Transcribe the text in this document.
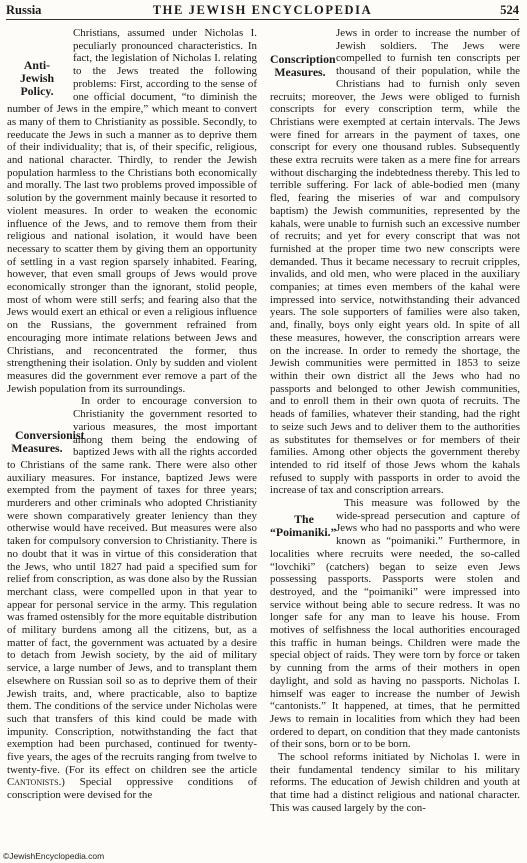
Russia	THE JEWISH ENCYCLOPEDIA	524

Anti-Jewish Policy.
Christians, assumed under Nicholas I. peculiarly pronounced characteristics. In fact, the legislation of Nicholas I. relating to the Jews treated the following problems: First, according to the sense of one official document, “to diminish the number of Jews in the empire,” which meant to convert as many of them to Christianity as possible. Secondly, to reeducate the Jews in such a manner as to deprive them of their individuality; that is, of their specific, religious, and national character. Thirdly, to render the Jewish population harmless to the Christians both economically and morally. The last two problems proved impossible of solution by the government mainly because it resorted to violent measures. In order to weaken the economic influence of the Jews, and to remove them from their religious and national isolation, it would have been necessary to scatter them by giving them an opportunity of settling in a vast region sparsely inhabited. Fearing, however, that even small groups of Jews would prove economically stronger than the ignorant, stolid people, most of whom were still serfs; and fearing also that the Jews would exert an ethical or even a religious influence on the Russians, the government refrained from encouraging more intimate relations between Jews and Christians, and reconcentrated the former, thus strengthening their isolation. Only by sudden and violent measures did the government ever remove a part of the Jewish population from its surroundings.

Conversionist Measures.
In order to encourage conversion to Christianity the government resorted to various measures, the most important among them being the endowing of baptized Jews with all the rights accorded to Christians of the same rank. There were also other auxiliary measures. For instance, baptized Jews were exempted from the payment of taxes for three years; murderers and other criminals who adopted Christianity were shown comparatively greater leniency than they otherwise would have received. But measures were also taken for compulsory conversion to Christianity. There is no doubt that it was in virtue of this consideration that the Jews, who until 1827 had paid a specified sum for relief from conscription, as was done also by the Russian merchant class, were compelled upon in that year to appear for personal service in the army. This regulation was framed ostensibly for the more equitable distribution of military burdens among all the citizens, but, as a matter of fact, the government was actuated by a desire to detach from Jewish society, by the aid of military service, a large number of Jews, and to transplant them elsewhere on Russian soil so as to deprive them of their Jewish traits, and, where practicable, also to baptize them. The conditions of the service under Nicholas were such that transfers of this kind could be made with impunity. Conscription, notwithstanding the fact that exemption had been purchased, continued for twenty-five years, the ages of the recruits ranging from twelve to twenty-five. (For its effect on children see the article Cantonists.) Special oppressive conditions of conscription were devised for the

Conscription Measures.
Jews in order to increase the number of Jewish soldiers. The Jews were compelled to furnish ten conscripts per thousand of their population, while the Christians had to furnish only seven recruits; moreover, the Jews were obliged to furnish conscripts for every conscription term, while the Christians were exempted at certain intervals. The Jews were fined for arrears in the payment of taxes, one conscript for every one thousand rubles. Subsequently these extra recruits were taken as a mere fine for arrears without discharging the indebtedness thereby. This led to terrible suffering. For lack of able-bodied men (many fled, fearing the miseries of war and compulsory baptism) the Jewish communities, represented by the kahals, were unable to furnish such an excessive number of recruits; and yet for every conscript that was not furnished at the proper time two new conscripts were demanded. Thus it became necessary to recruit cripples, invalids, and old men, who were placed in the auxiliary companies; at times even members of the kahal were impressed into service, notwithstanding their advanced years. The sole supporters of families were also taken, and, finally, boys only eight years old. In spite of all these measures, however, the conscription arrears were on the increase. In order to remedy the shortage, the Jewish communities were permitted in 1853 to seize within their own district all the Jews who had no passports and belonged to other Jewish communities, and to enroll them in their own quota of recruits. The heads of families, whatever their standing, had the right to seize such Jews and to deliver them to the authorities as substitutes for themselves or for members of their families. Among other objects the government thereby intended to rid itself of those Jews whom the kahals refused to supply with passports in order to avoid the increase of tax and conscription arrears.

The “Poimaniki.”
This measure was followed by the wide-spread persecution and capture of Jews who had no passports and who were known as “poimaniki.” Furthermore, in localities where recruits were needed, the so-called “lovchiki” (catchers) began to seize even Jews possessing passports. Passports were stolen and destroyed, and the “poimaniki” were impressed into service without being able to secure redress. It was no longer safe for any man to leave his house. From motives of selfishness the local authorities encouraged this traffic in human beings. Children were made the special object of raids. They were torn by force or taken by cunning from the arms of their mothers in open daylight, and sold as having no passports. Nicholas I. himself was eager to increase the number of Jewish “cantonists.” It happened, at times, that he permitted Jews to remain in localities from which they had been ordered to depart, on condition that they made cantonists of their sons, born or to be born.

The school reforms initiated by Nicholas I. were in their fundamental tendency similar to his military reforms. The education of Jewish children and youth at that time had a distinct religious and national character. This was caused largely by the con-

©JewishEncyclopedia.com
